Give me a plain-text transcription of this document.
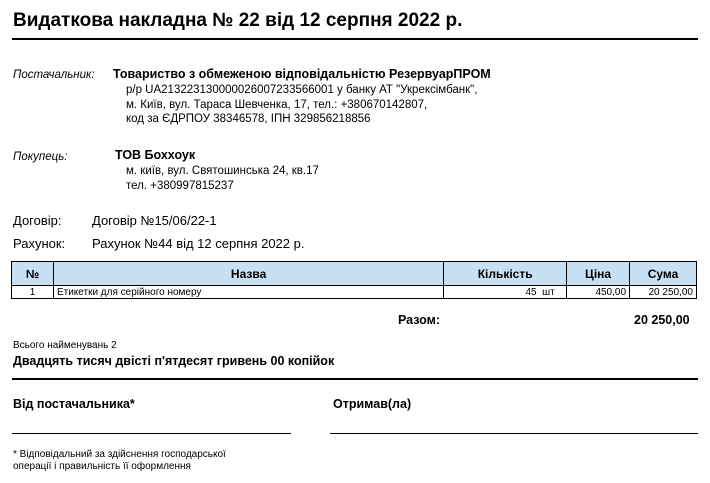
Видаткова накладна № 22 від 12 серпня 2022 р.
Постачальник: Товариство з обмеженою відповідальністю РезервуарПРОМ
р/р UA213223130000026007233566001 у банку АТ "Укрексімбанк",
м. Київ, вул. Тараса Шевченка, 17, тел.: +380670142807,
код за ЄДРПОУ 38346578, ІПН 329856218856
Покупець:	ТОВ Боххоук
м. київ, вул. Святошинська 24, кв.17
тел. +380997815237
Договір: Договір №15/06/22-1
Рахунок: Рахунок №44 від 12 серпня 2022 р.
№	Назва	Кількість	Ціна	Сума
1	Етикетки для серійного номеру	45 шт	450,00	20 250,00
Разом:	20 250,00
Всього найменувань 2
Двадцять тисяч двісті п'ятдесят гривень 00 копійок
Від постачальника*	Отримав(ла)
* Відповідальний за здійснення господарської
операції і правильність її оформлення
